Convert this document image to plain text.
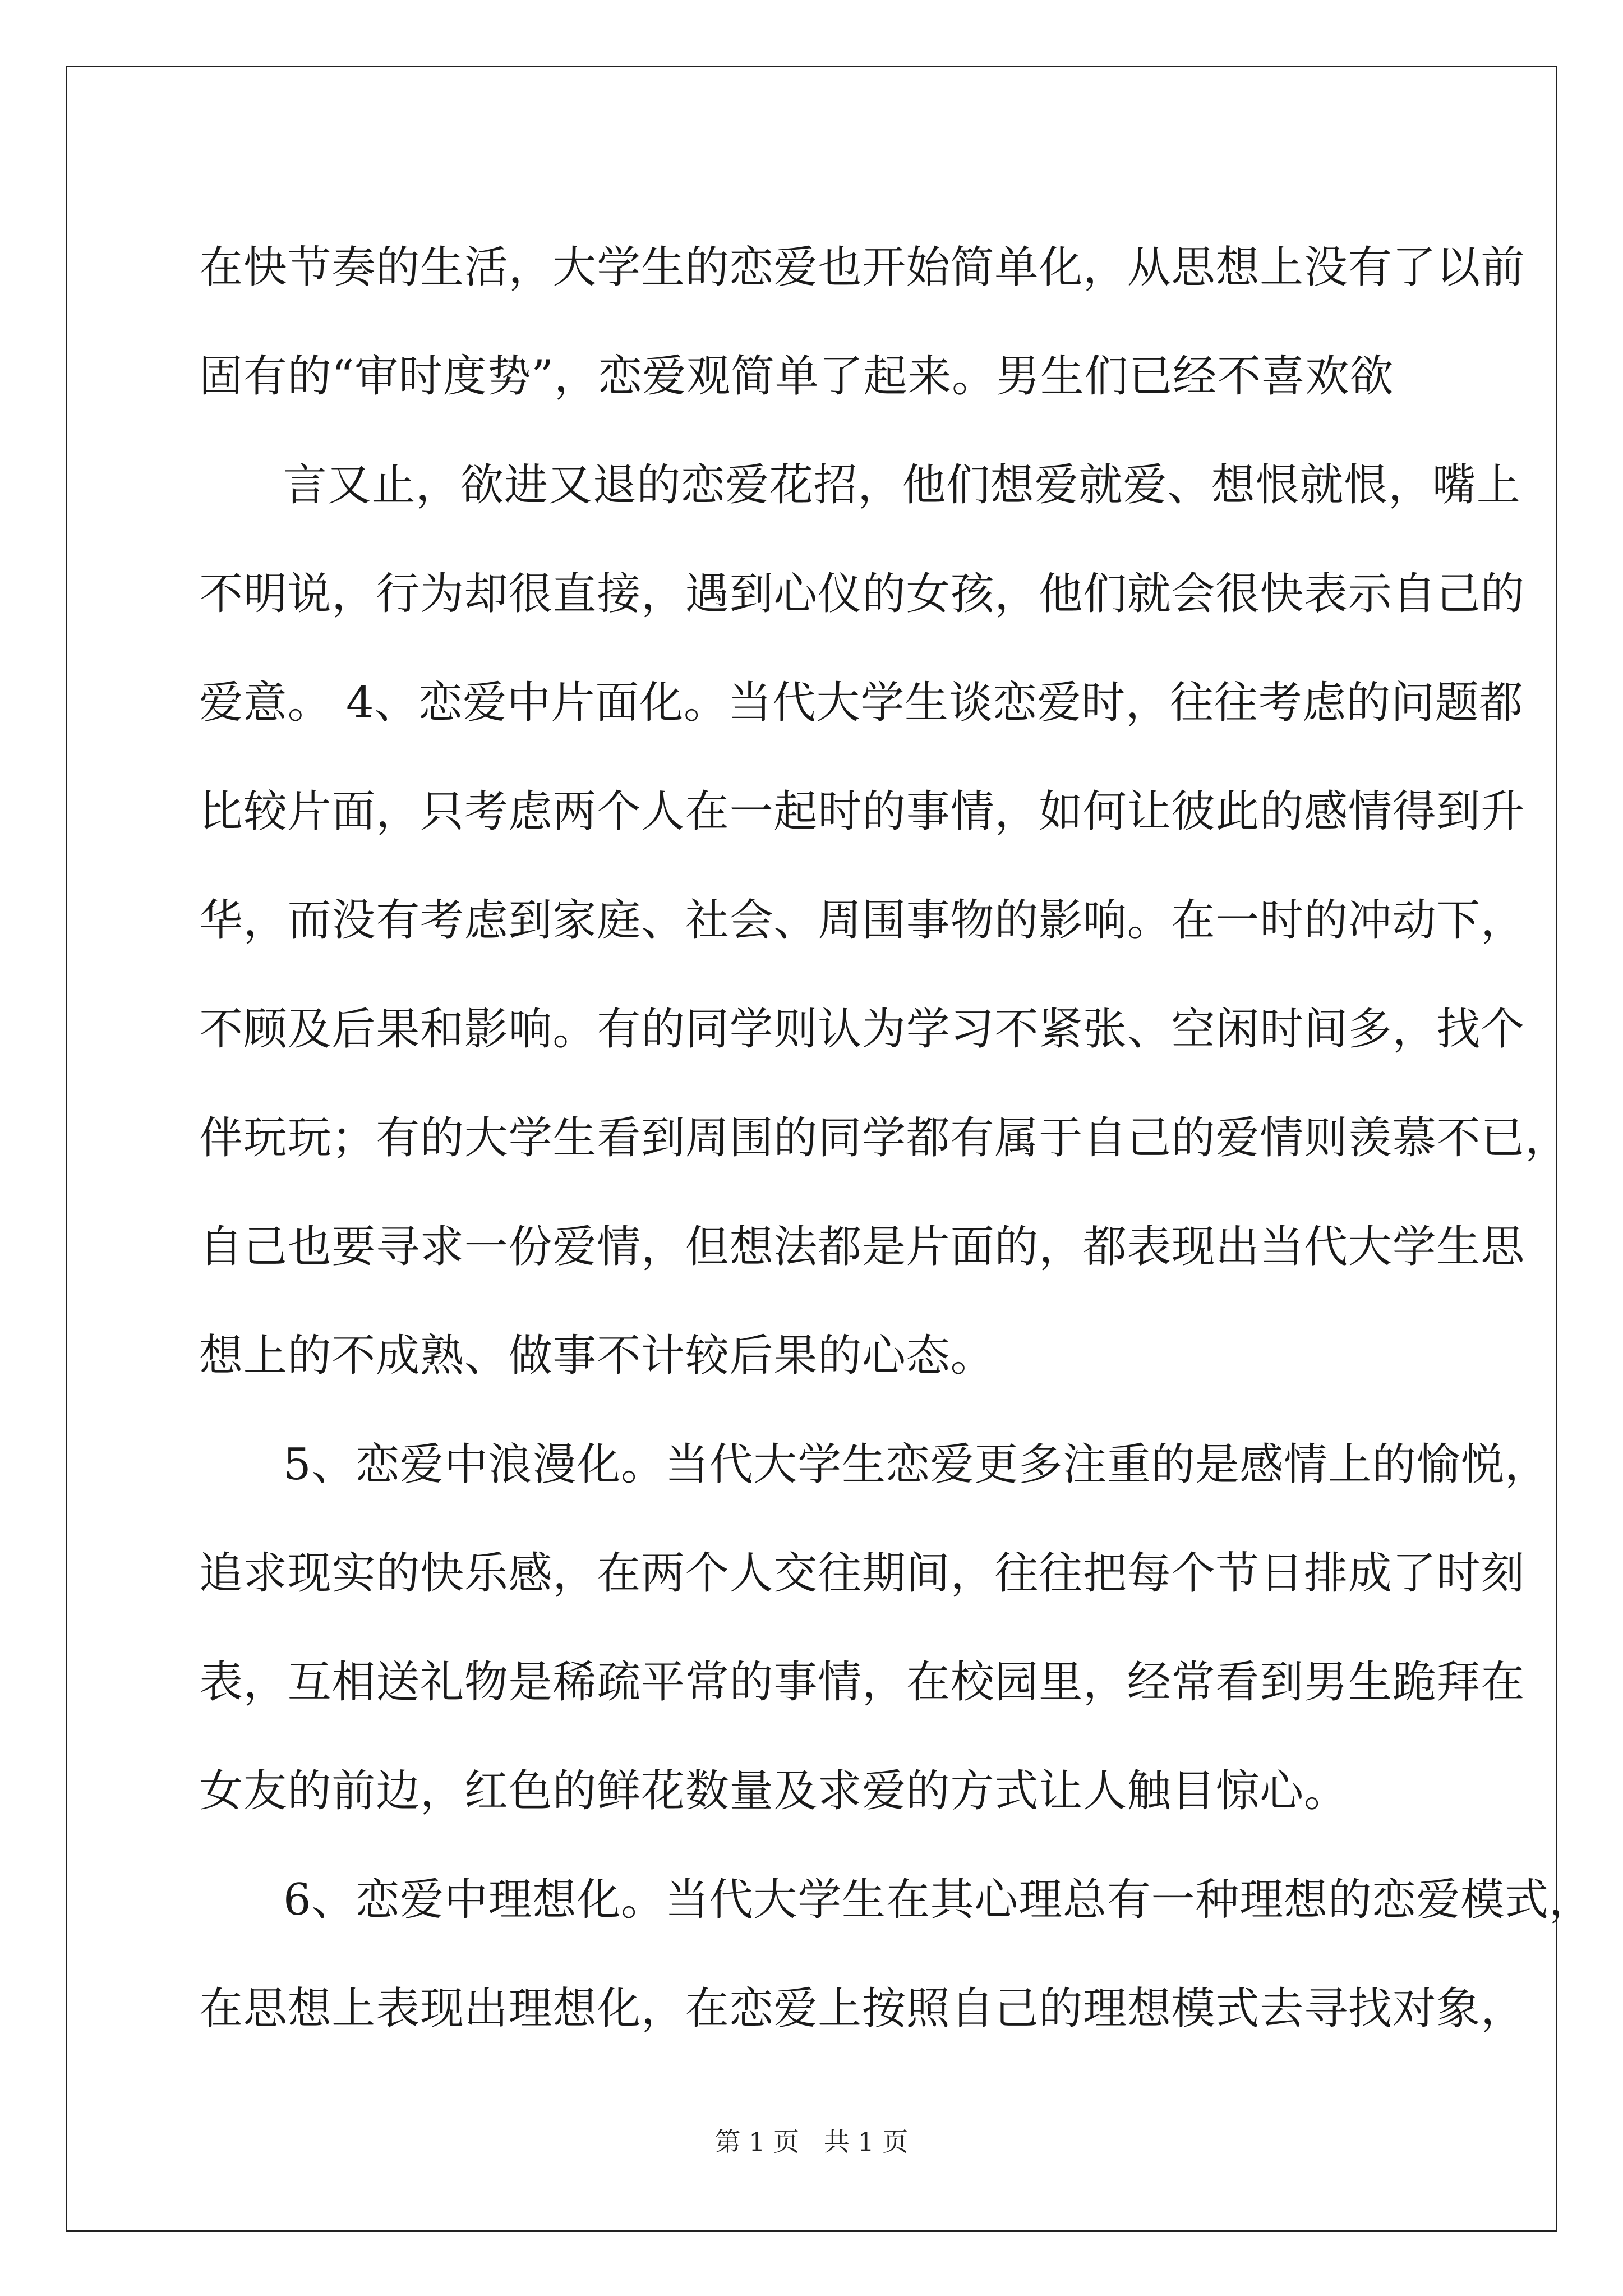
在快节奏的生活，大学生的恋爱也开始简单化，从思想上没有了以前
固有的“审时度势”，恋爱观简单了起来。男生们已经不喜欢欲
言又止，欲进又退的恋爱花招，他们想爱就爱、想恨就恨，嘴上
不明说，行为却很直接，遇到心仪的女孩，他们就会很快表示自己的
爱意。 4、恋爱中片面化。当代大学生谈恋爱时，往往考虑的问题都
比较片面，只考虑两个人在一起时的事情，如何让彼此的感情得到升
华，而没有考虑到家庭、社会、周围事物的影响。在一时的冲动下，
不顾及后果和影响。有的同学则认为学习不紧张、空闲时间多，找个
伴玩玩；有的大学生看到周围的同学都有属于自己的爱情则羡慕不已，
自己也要寻求一份爱情，但想法都是片面的，都表现出当代大学生思
想上的不成熟、做事不计较后果的心态。
5、恋爱中浪漫化。当代大学生恋爱更多注重的是感情上的愉悦，
追求现实的快乐感，在两个人交往期间，往往把每个节日排成了时刻
表，互相送礼物是稀疏平常的事情，在校园里，经常看到男生跪拜在
女友的前边，红色的鲜花数量及求爱的方式让人触目惊心。
6、恋爱中理想化。当代大学生在其心理总有一种理想的恋爱模式，
在思想上表现出理想化，在恋爱上按照自己的理想模式去寻找对象，
第 1 页   共 1 页
